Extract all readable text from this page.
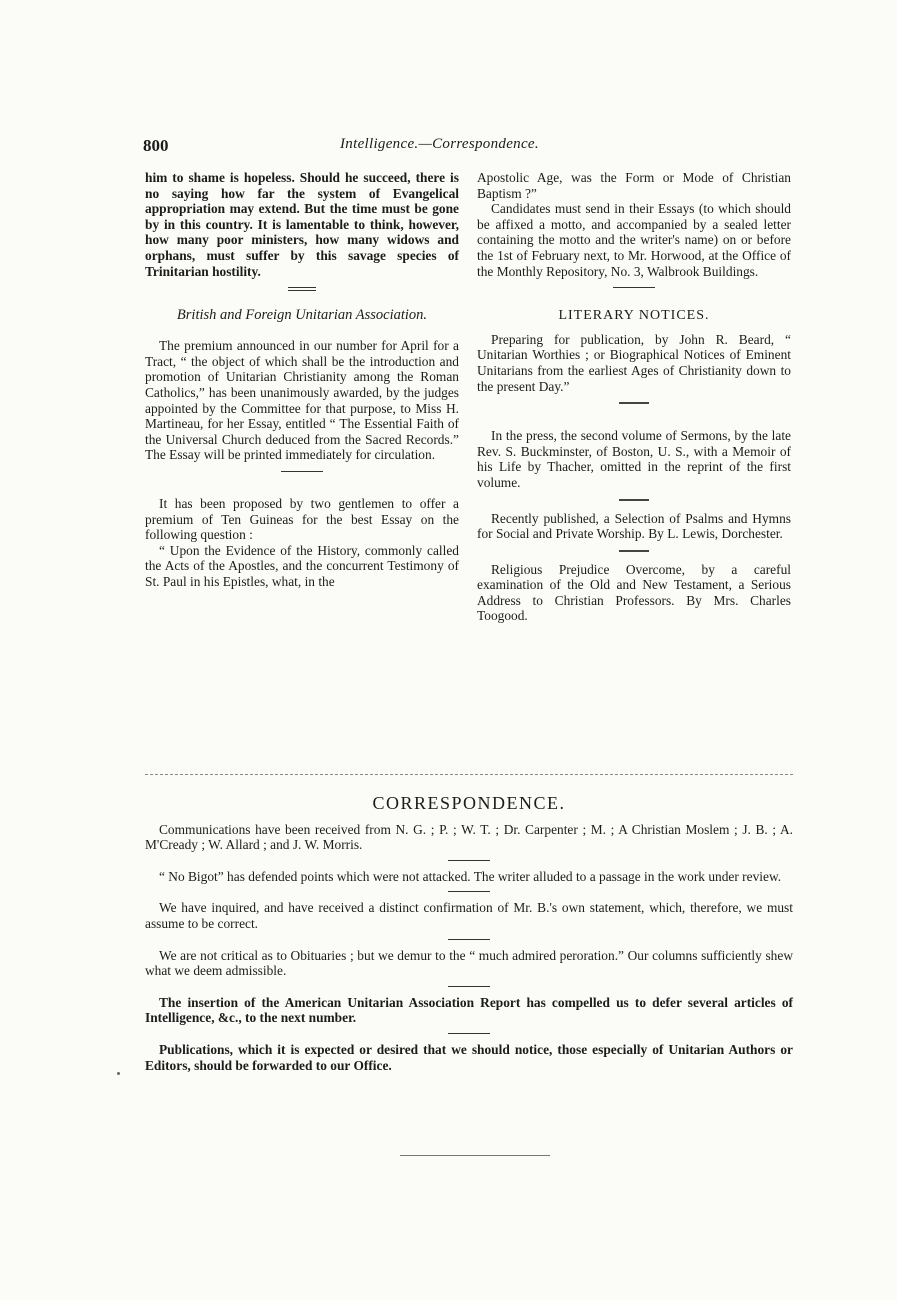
800	Intelligence.—Correspondence.

him to shame is hopeless. Should he succeed, there is no saying how far the system of Evangelical appropriation may extend. But the time must be gone by in this country. It is lamentable to think, however, how many poor ministers, how many widows and orphans, must suffer by this savage species of Trinitarian hostility.

British and Foreign Unitarian Association.

The premium announced in our number for April for a Tract, “ the object of which shall be the introduction and promotion of Unitarian Christianity among the Roman Catholics,” has been unanimously awarded, by the judges appointed by the Committee for that purpose, to Miss H. Martineau, for her Essay, entitled “ The Essential Faith of the Universal Church deduced from the Sacred Records.” The Essay will be printed immediately for circulation.

It has been proposed by two gentlemen to offer a premium of Ten Guineas for the best Essay on the following question :

“ Upon the Evidence of the History, commonly called the Acts of the Apostles, and the concurrent Testimony of St. Paul in his Epistles, what, in the

Apostolic Age, was the Form or Mode of Christian Baptism ?”

Candidates must send in their Essays (to which should be affixed a motto, and accompanied by a sealed letter containing the motto and the writer's name) on or before the 1st of February next, to Mr. Horwood, at the Office of the Monthly Repository, No. 3, Walbrook Buildings.

LITERARY NOTICES.

Preparing for publication, by John R. Beard, “ Unitarian Worthies ; or Biographical Notices of Eminent Unitarians from the earliest Ages of Christianity down to the present Day.”

In the press, the second volume of Sermons, by the late Rev. S. Buckminster, of Boston, U. S., with a Memoir of his Life by Thacher, omitted in the reprint of the first volume.

Recently published, a Selection of Psalms and Hymns for Social and Private Worship. By L. Lewis, Dorchester.

Religious Prejudice Overcome, by a careful examination of the Old and New Testament, a Serious Address to Christian Professors. By Mrs. Charles Toogood.

CORRESPONDENCE.

Communications have been received from N. G. ; P. ; W. T. ; Dr. Carpenter ; M. ; A Christian Moslem ; J. B. ; A. M'Cready ; W. Allard ; and J. W. Morris.

“ No Bigot” has defended points which were not attacked. The writer alluded to a passage in the work under review.

We have inquired, and have received a distinct confirmation of Mr. B.'s own statement, which, therefore, we must assume to be correct.

We are not critical as to Obituaries ; but we demur to the “ much admired peroration.” Our columns sufficiently shew what we deem admissible.

The insertion of the American Unitarian Association Report has compelled us to defer several articles of Intelligence, &c., to the next number.

Publications, which it is expected or desired that we should notice, those especially of Unitarian Authors or Editors, should be forwarded to our Office.
